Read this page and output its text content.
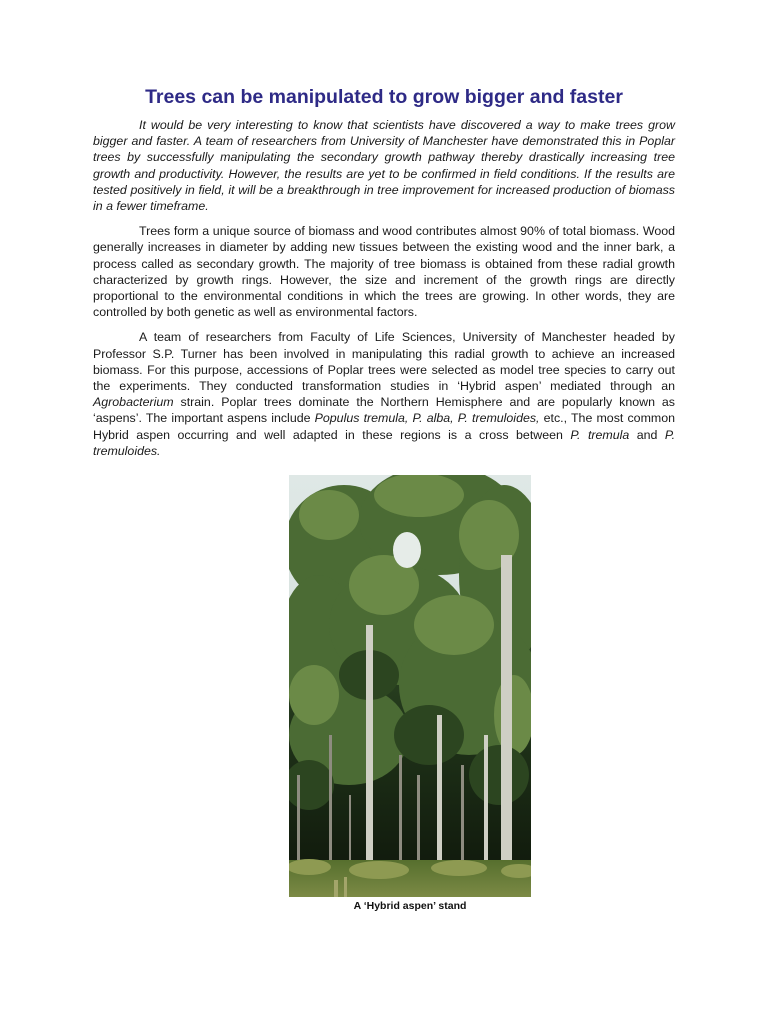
Trees can be manipulated to grow bigger and faster

It would be very interesting to know that scientists have discovered a way to make trees grow bigger and faster. A team of researchers from University of Manchester have demonstrated this in Poplar trees by successfully manipulating the secondary growth pathway thereby drastically increasing tree growth and productivity. However, the results are yet to be confirmed in field conditions. If the results are tested positively in field, it will be a breakthrough in tree improvement for increased production of biomass in a fewer timeframe.

Trees form a unique source of biomass and wood contributes almost 90% of total biomass. Wood generally increases in diameter by adding new tissues between the existing wood and the inner bark, a process called as secondary growth. The majority of tree biomass is obtained from these radial growth characterized by growth rings. However, the size and increment of the growth rings are directly proportional to the environmental conditions in which the trees are growing. In other words, they are controlled by both genetic as well as environmental factors.

A team of researchers from Faculty of Life Sciences, University of Manchester headed by Professor S.P. Turner has been involved in manipulating this radial growth to achieve an increased biomass. For this purpose, accessions of Poplar trees were selected as model tree species to carry out the experiments. They conducted transformation studies in ‘Hybrid aspen’ mediated through an Agrobacterium strain. Poplar trees dominate the Northern Hemisphere and are popularly known as ‘aspens’. The important aspens include Populus tremula, P. alba, P. tremuloides, etc., The most common Hybrid aspen occurring and well adapted in these regions is a cross between P. tremula and P. tremuloides.

A ‘Hybrid aspen’ stand
